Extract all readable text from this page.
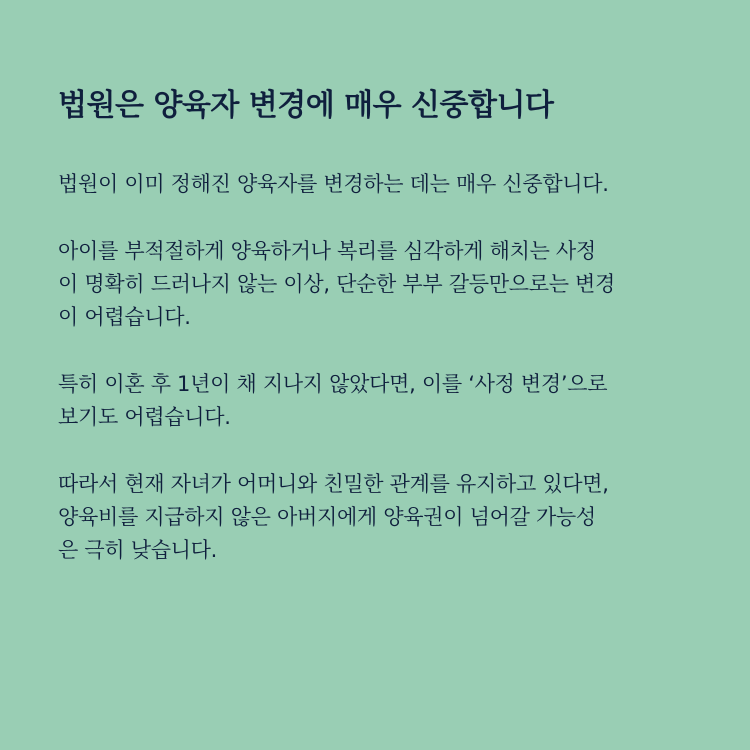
법원은 양육자 변경에 매우 신중합니다

법원이 이미 정해진 양육자를 변경하는 데는 매우 신중합니다.

아이를 부적절하게 양육하거나 복리를 심각하게 해치는 사정
이 명확히 드러나지 않는 이상, 단순한 부부 갈등만으로는 변경
이 어렵습니다.

특히 이혼 후 1년이 채 지나지 않았다면, 이를 ‘사정 변경’으로
보기도 어렵습니다.

따라서 현재 자녀가 어머니와 친밀한 관계를 유지하고 있다면,
양육비를 지급하지 않은 아버지에게 양육권이 넘어갈 가능성
은 극히 낮습니다.
